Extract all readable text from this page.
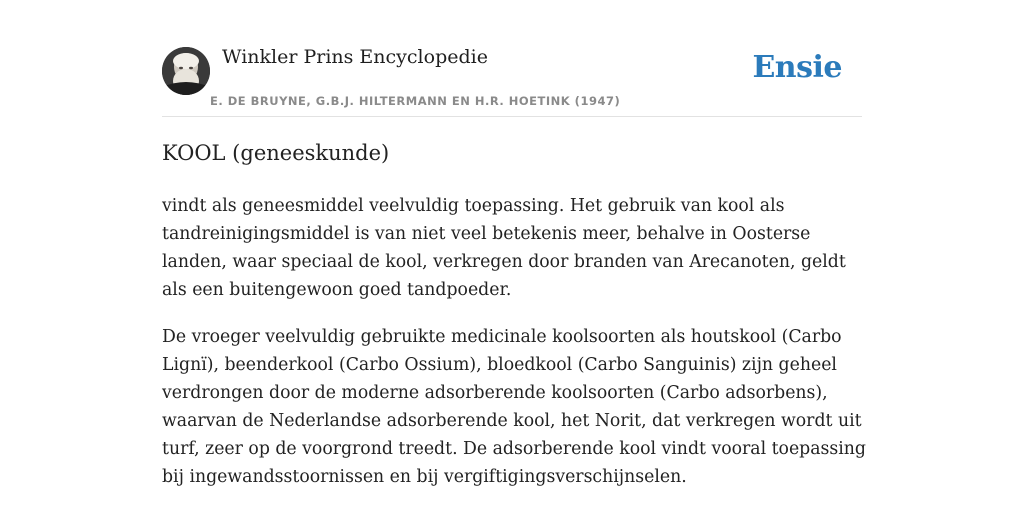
Winkler Prins Encyclopedie
E. DE BRUYNE, G.B.J. HILTERMANN EN H.R. HOETINK (1947)
Ensie
KOOL (geneeskunde)

vindt als geneesmiddel veelvuldig toepassing. Het gebruik van kool als tandreinigingsmiddel is van niet veel betekenis meer, behalve in Oosterse landen, waar speciaal de kool, verkregen door branden van Arecanoten, geldt als een buitengewoon goed tandpoeder.

De vroeger veelvuldig gebruikte medicinale koolsoorten als houtskool (Carbo Lignï), beenderkool (Carbo Ossium), bloedkool (Carbo Sanguinis) zijn geheel verdrongen door de moderne adsorberende koolsoorten (Carbo adsorbens), waarvan de Nederlandse adsorberende kool, het Norit, dat verkregen wordt uit turf, zeer op de voorgrond treedt. De adsorberende kool vindt vooral toepassing bij ingewandsstoornissen en bij vergiftigingsverschijnselen.
